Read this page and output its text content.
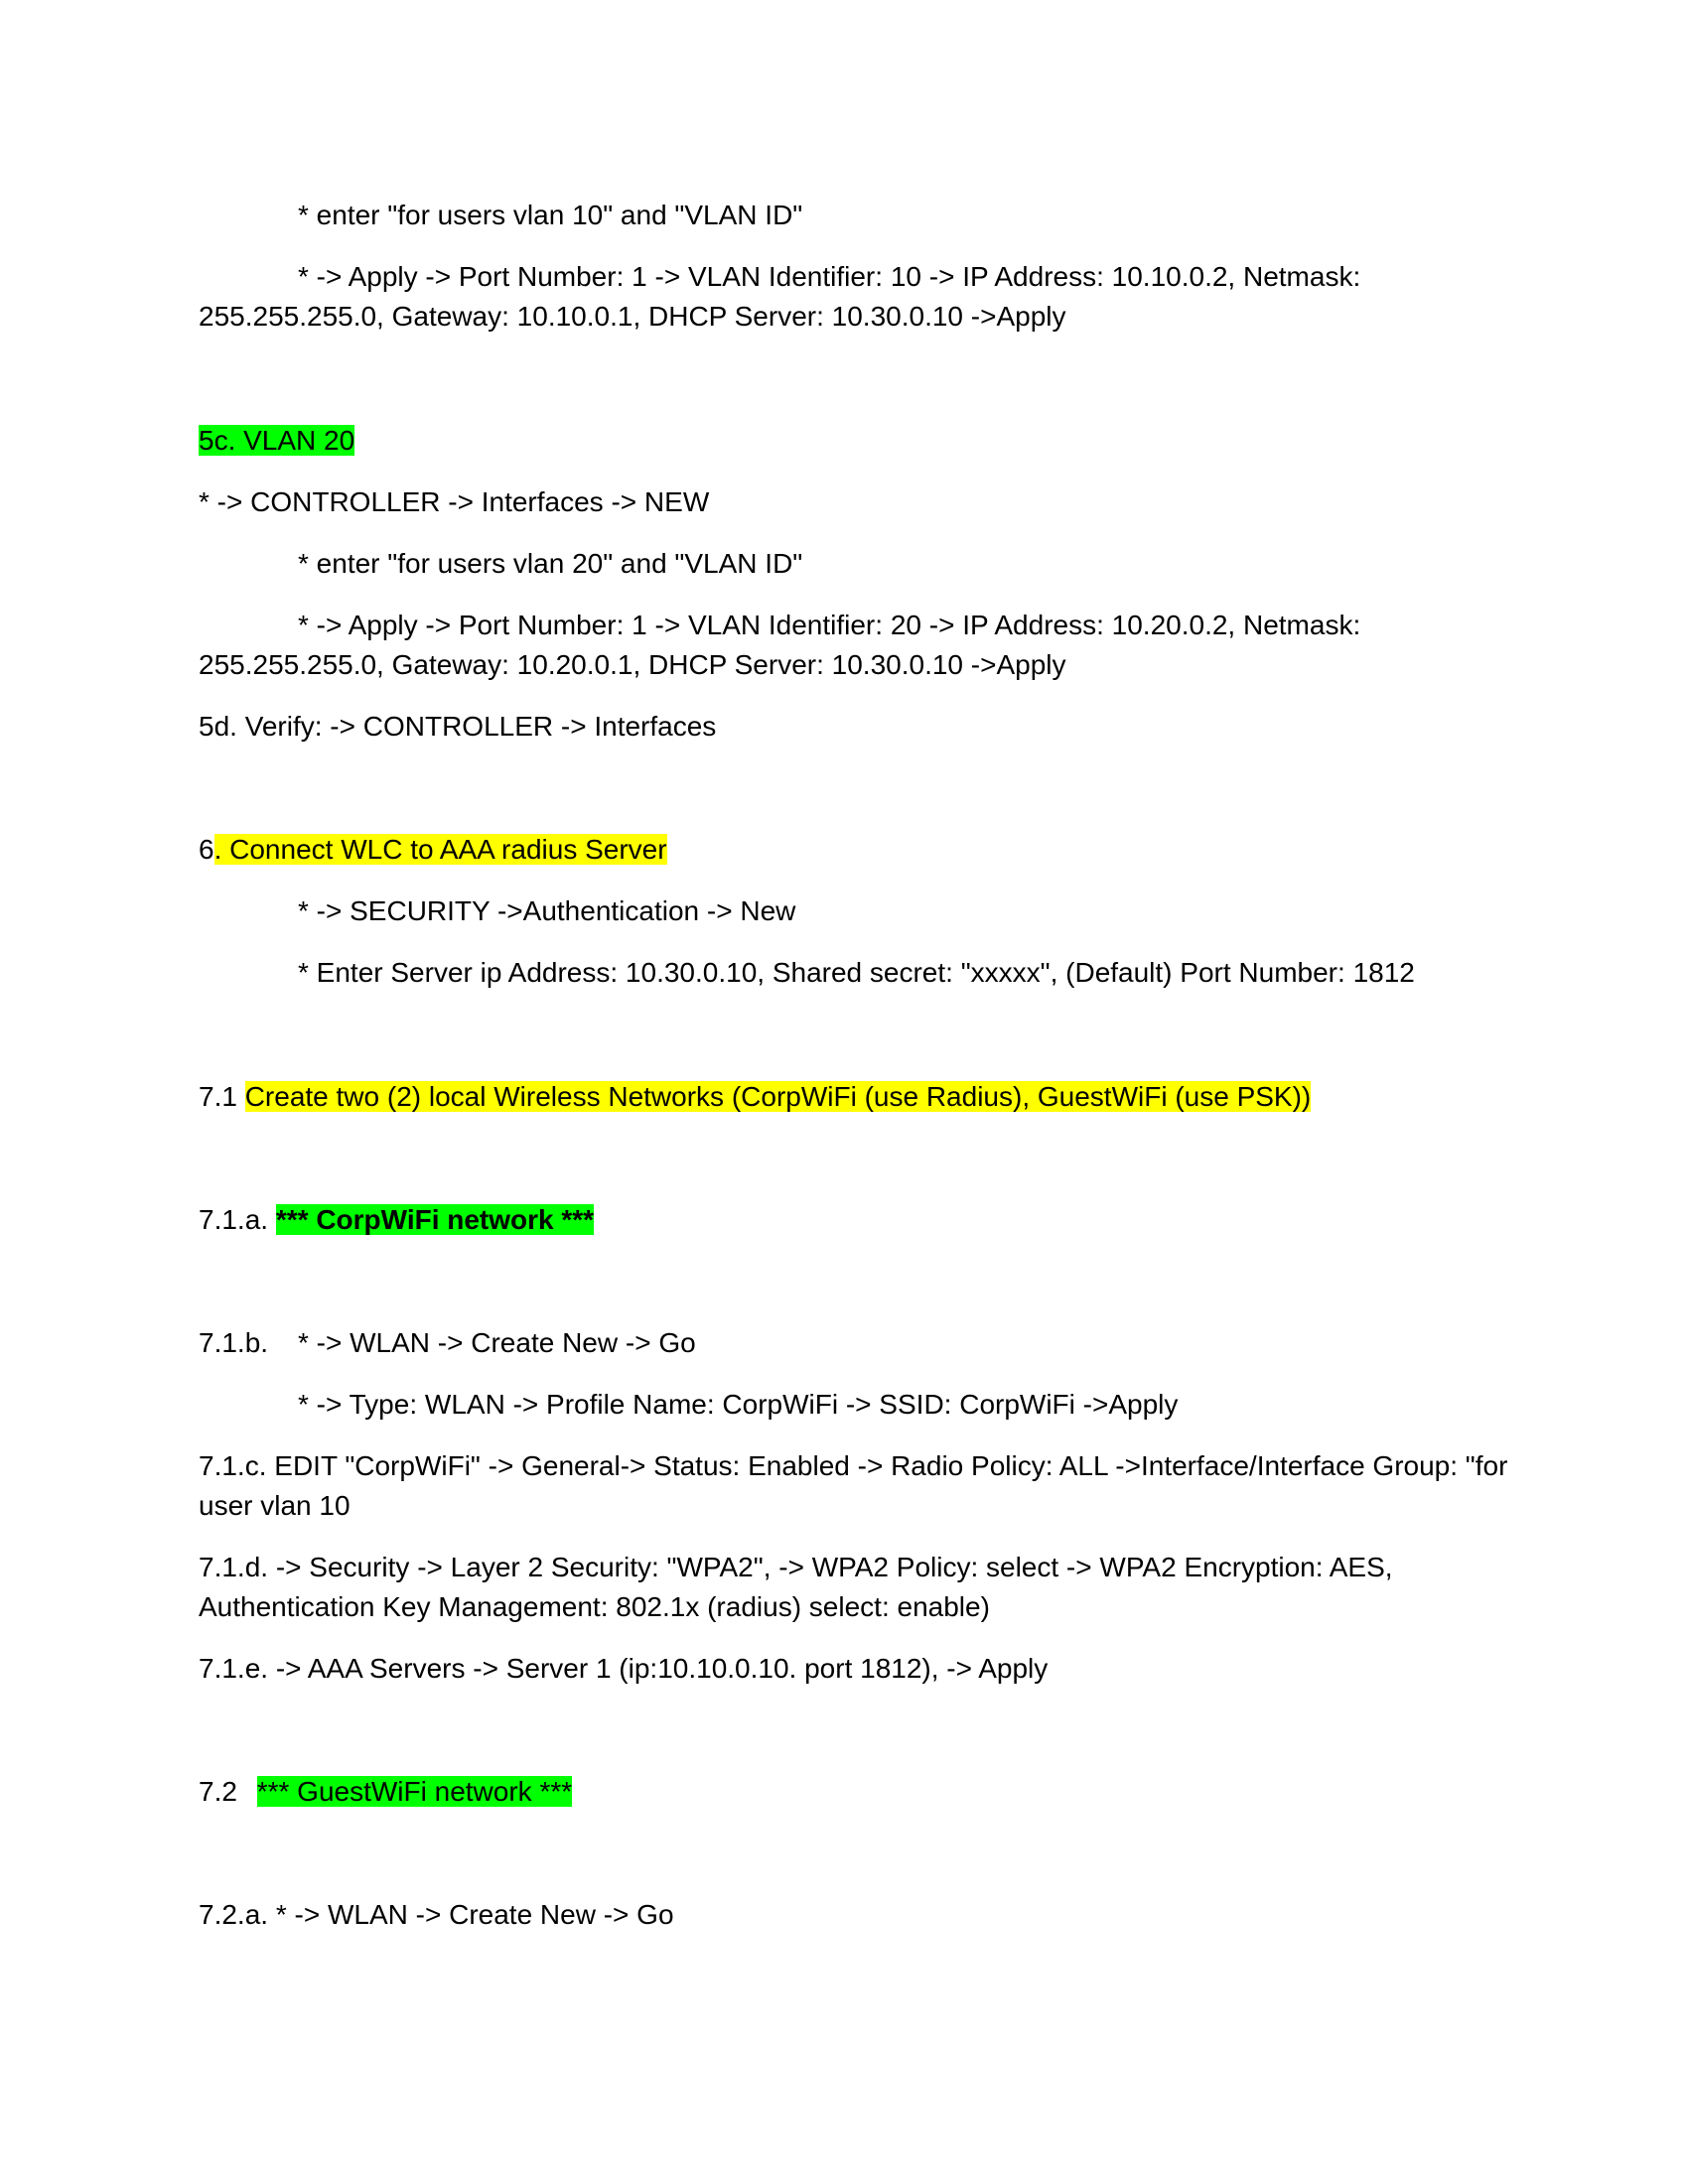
* enter "for users vlan 10" and "VLAN ID"
* -> Apply -> Port Number: 1 -> VLAN Identifier: 10 -> IP Address: 10.10.0.2, Netmask:
255.255.255.0, Gateway: 10.10.0.1, DHCP Server: 10.30.0.10 ->Apply
5c. VLAN 20
* -> CONTROLLER -> Interfaces -> NEW
* enter "for users vlan 20" and "VLAN ID"
* -> Apply -> Port Number: 1 -> VLAN Identifier: 20 -> IP Address: 10.20.0.2, Netmask:
255.255.255.0, Gateway: 10.20.0.1, DHCP Server: 10.30.0.10 ->Apply
5d. Verify: -> CONTROLLER -> Interfaces
6. Connect WLC to AAA radius Server
* -> SECURITY ->Authentication -> New
* Enter Server ip Address: 10.30.0.10, Shared secret: "xxxxx", (Default) Port Number: 1812
7.1 Create two (2) local Wireless Networks (CorpWiFi (use Radius), GuestWiFi (use PSK))
7.1.a. *** CorpWiFi network ***
7.1.b. * -> WLAN -> Create New -> Go
* -> Type: WLAN -> Profile Name: CorpWiFi -> SSID: CorpWiFi ->Apply
7.1.c. EDIT "CorpWiFi" -> General-> Status: Enabled -> Radio Policy: ALL ->Interface/Interface Group: "for
user vlan 10
7.1.d. -> Security -> Layer 2 Security: "WPA2", -> WPA2 Policy: select -> WPA2 Encryption: AES,
Authentication Key Management: 802.1x (radius) select: enable)
7.1.e. -> AAA Servers -> Server 1 (ip:10.10.0.10. port 1812), -> Apply
7.2 *** GuestWiFi network ***
7.2.a. * -> WLAN -> Create New -> Go
